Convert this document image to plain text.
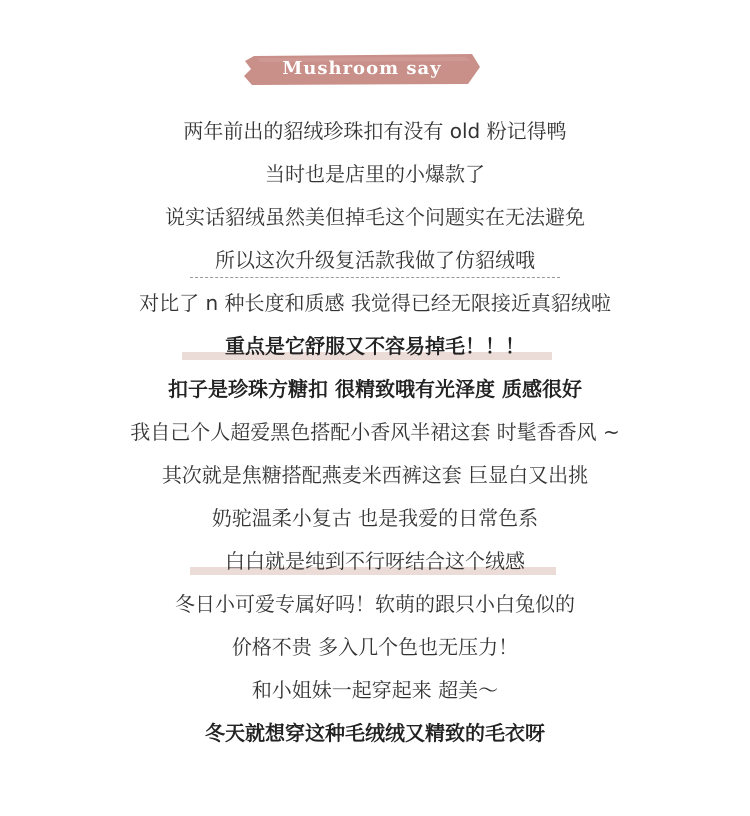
Mushroom say
两年前出的貂绒珍珠扣有没有 old 粉记得鸭
当时也是店里的小爆款了
说实话貂绒虽然美但掉毛这个问题实在无法避免
所以这次升级复活款我做了仿貂绒哦
对比了 n 种长度和质感 我觉得已经无限接近真貂绒啦
重点是它舒服又不容易掉毛！！！
扣子是珍珠方糖扣 很精致哦有光泽度 质感很好
我自己个人超爱黑色搭配小香风半裙这套 时髦香香风 ~
其次就是焦糖搭配燕麦米西裤这套 巨显白又出挑
奶驼温柔小复古 也是我爱的日常色系
白白就是纯到不行呀结合这个绒感
冬日小可爱专属好吗！软萌的跟只小白兔似的
价格不贵 多入几个色也无压力！
和小姐妹一起穿起来 超美～
冬天就想穿这种毛绒绒又精致的毛衣呀
